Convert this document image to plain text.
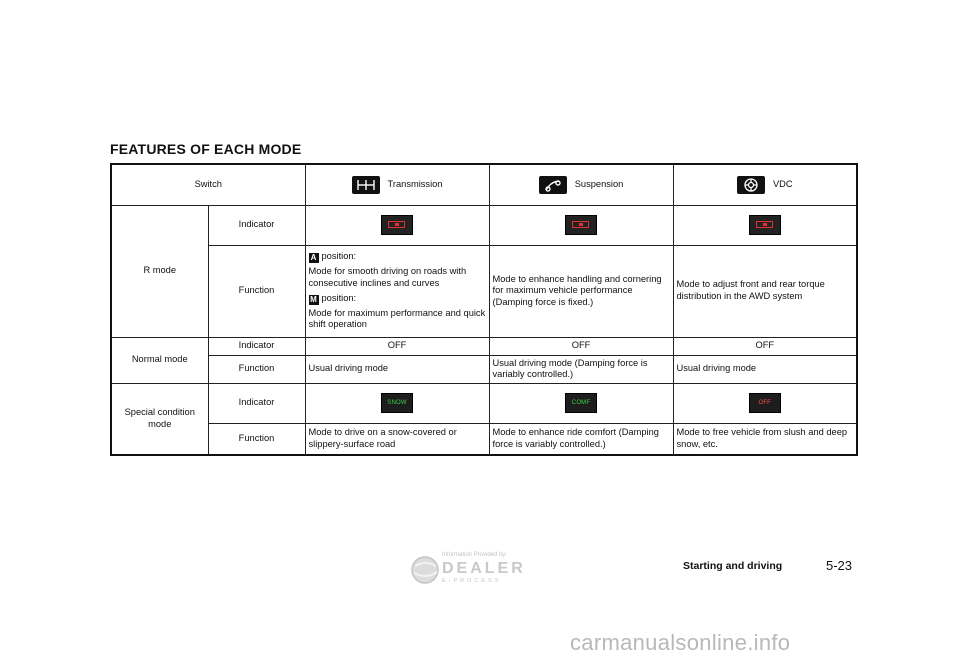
FEATURES OF EACH MODE
Switch		Transmission	Suspension	VDC

R mode	Indicator	

	Function	A position:

Mode for smooth driving on roads with consecutive inclines and curves

M position:

Mode for maximum performance and quick shift operation	Mode to enhance handling and cornering for maximum vehicle performance (Damping force is fixed.)	Mode to adjust front and rear torque distribution in the AWD system
Normal mode	Indicator	OFF	OFF	OFF
	Function	Usual driving mode	Usual driving mode (Damping force is variably controlled.)	Usual driving mode
Special condition mode	Indicator	SNOW	COMF	OFF
	Function	Mode to drive on a snow-covered or slippery-surface road	Mode to enhance ride comfort (Damping force is variably controlled.)	Mode to free vehicle from slush and deep snow, etc.
Information Provided by:
DEALER
E-PROCESS
Starting and driving	5-23
carmanualsonline.info
